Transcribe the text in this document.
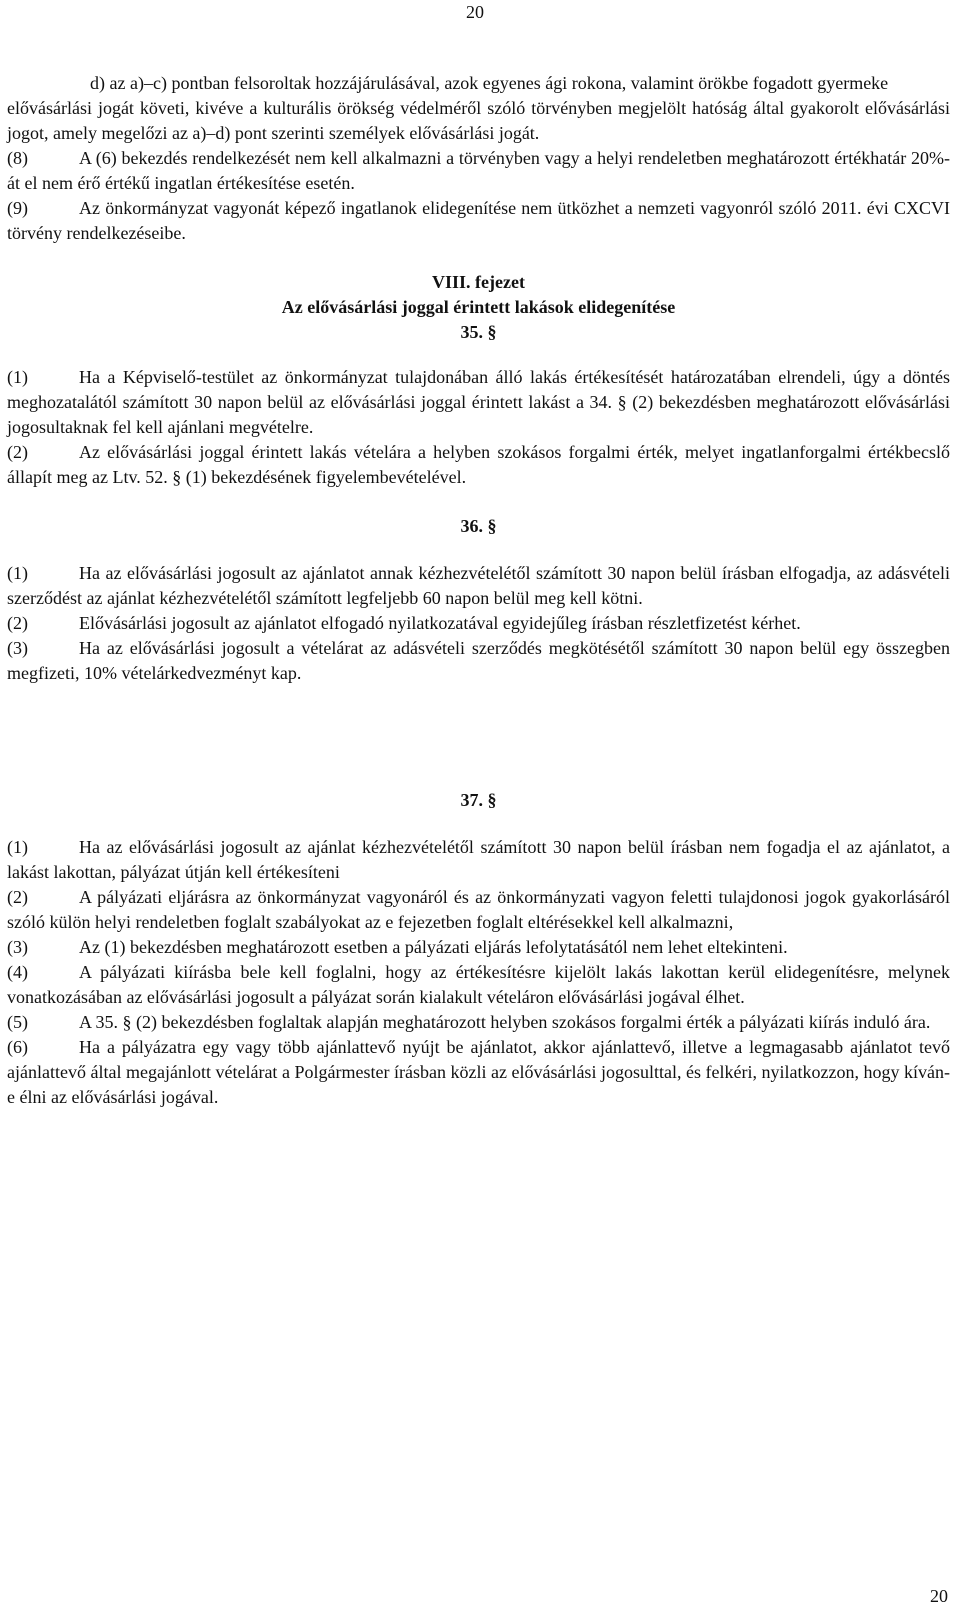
20

d) az a)–c) pontban felsoroltak hozzájárulásával, azok egyenes ági rokona, valamint örökbe fogadott gyermeke

elővásárlási jogát követi, kivéve a kulturális örökség védelméről szóló törvényben megjelölt hatóság által gyakorolt elővásárlási jogot, amely megelőzi az a)–d) pont szerinti személyek elővásárlási jogát.

(8)	A (6) bekezdés rendelkezését nem kell alkalmazni a törvényben vagy a helyi rendeletben meghatározott értékhatár 20%-át el nem érő értékű ingatlan értékesítése esetén.

(9)	Az önkormányzat vagyonát képező ingatlanok elidegenítése nem ütközhet a nemzeti vagyonról szóló 2011. évi CXCVI törvény rendelkezéseibe.

VIII. fejezet

Az elővásárlási joggal érintett lakások elidegenítése

35. §

(1)	Ha a Képviselő-testület az önkormányzat tulajdonában álló lakás értékesítését határozatában elrendeli, úgy a döntés meghozatalától számított 30 napon belül az elővásárlási joggal érintett lakást a 34. § (2) bekezdésben meghatározott elővásárlási jogosultaknak fel kell ajánlani megvételre.

(2)	Az elővásárlási joggal érintett lakás vételára a helyben szokásos forgalmi érték, melyet ingatlanforgalmi értékbecslő állapít meg az Ltv. 52. § (1) bekezdésének figyelembevételével.

36. §

(1)	Ha az elővásárlási jogosult az ajánlatot annak kézhezvételétől számított 30 napon belül írásban elfogadja, az adásvételi szerződést az ajánlat kézhezvételétől számított legfeljebb 60 napon belül meg kell kötni.

(2)	Elővásárlási jogosult az ajánlatot elfogadó nyilatkozatával egyidejűleg írásban részletfizetést kérhet.

(3)	Ha az elővásárlási jogosult a vételárat az adásvételi szerződés megkötésétől számított 30 napon belül egy összegben megfizeti, 10% vételárkedvezményt kap.

37. §

(1)	Ha az elővásárlási jogosult az ajánlat kézhezvételétől számított 30 napon belül írásban nem fogadja el az ajánlatot, a lakást lakottan, pályázat útján kell értékesíteni

(2)	A pályázati eljárásra az önkormányzat vagyonáról és az önkormányzati vagyon feletti tulajdonosi jogok gyakorlásáról szóló külön helyi rendeletben foglalt szabályokat az e fejezetben foglalt eltérésekkel kell alkalmazni,

(3)	Az (1) bekezdésben meghatározott esetben a pályázati eljárás lefolytatásától nem lehet eltekinteni.

(4)	A pályázati kiírásba bele kell foglalni, hogy az értékesítésre kijelölt lakás lakottan kerül elidegenítésre, melynek vonatkozásában az elővásárlási jogosult a pályázat során kialakult vételáron elővásárlási jogával élhet.

(5)	A 35. § (2) bekezdésben foglaltak alapján meghatározott helyben szokásos forgalmi érték a pályázati kiírás induló ára.

(6)	Ha a pályázatra egy vagy több ajánlattevő nyújt be ajánlatot, akkor ajánlattevő, illetve a legmagasabb ajánlatot tevő ajánlattevő által megajánlott vételárat a Polgármester írásban közli az elővásárlási jogosulttal, és felkéri, nyilatkozzon, hogy kíván-e élni az elővásárlási jogával.

20
